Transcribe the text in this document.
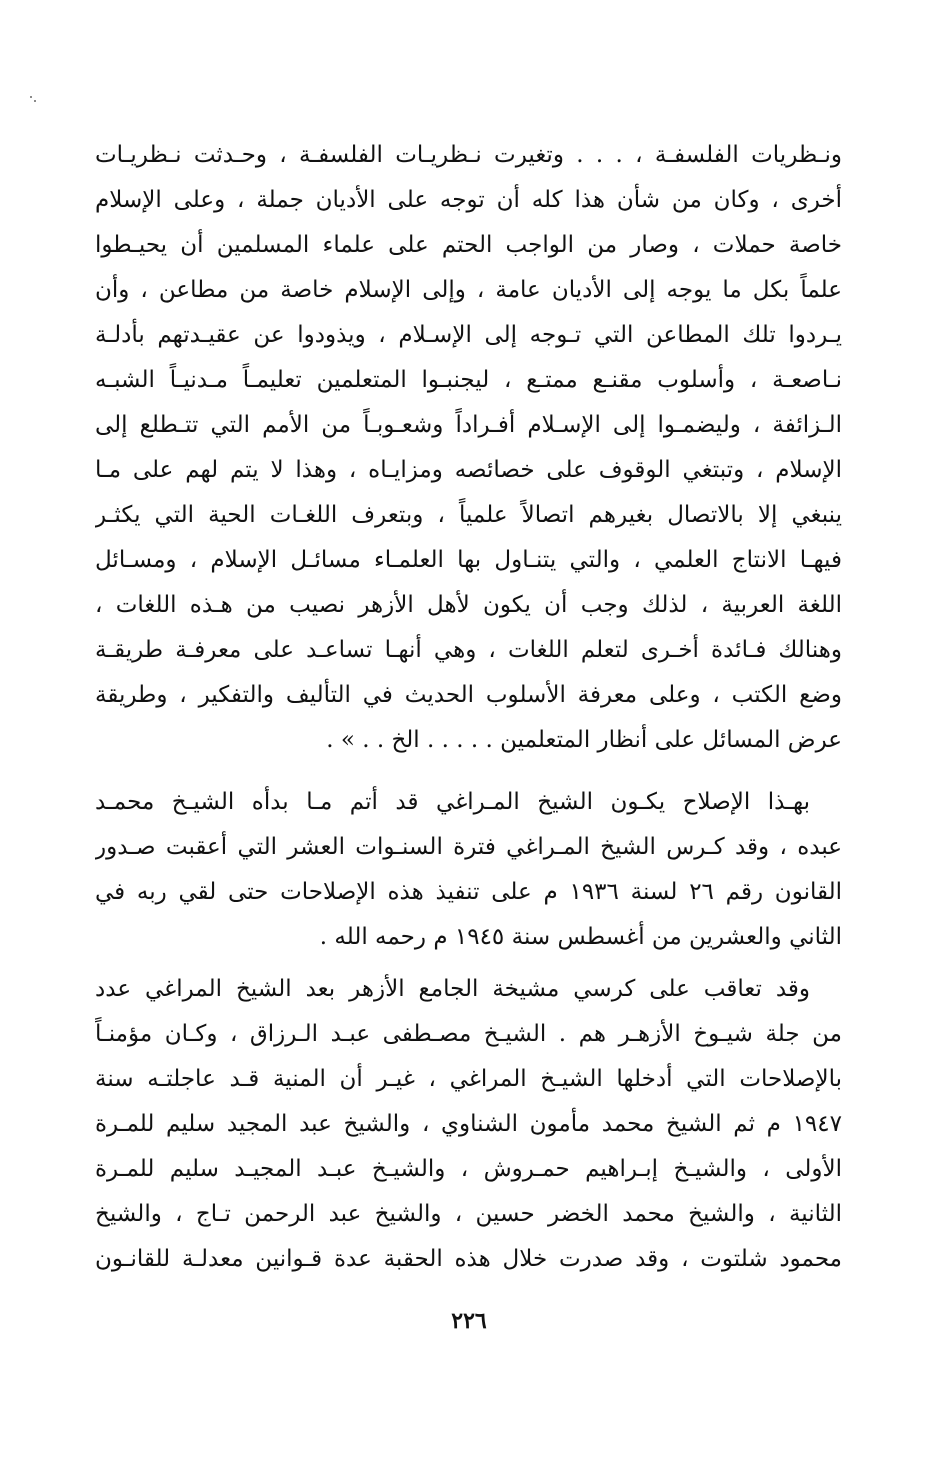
ونـظريات الفلسفـة ، . . . وتغيرت نـظريـات الفلسفـة ، وحـدثت نـظريـات
أخرى ، وكان من شأن هذا كله أن توجه على الأديان جملة ، وعلى الإسلام
خاصة حملات ، وصار من الواجب الحتم على علماء المسلمين أن يحيـطوا
علماً بكل ما يوجه إلى الأديان عامة ، وإلى الإسلام خاصة من مطاعن ، وأن
يـردوا تلك المطاعن التي تـوجه إلى الإسـلام ، ويذودوا عن عقيـدتهم بأدلـة
نـاصعـة ، وأسلوب مقنـع ممتـع ، ليجنبـوا المتعلمين تعليمـاً مـدنيـاً الشبـه
الـزائفة ، وليضمـوا إلى الإسـلام أفـراداً وشعـوبـاً من الأمم التي تتـطلع إلى
الإسلام ، وتبتغي الوقوف على خصائصه ومزايـاه ، وهذا لا يتم لهم على مـا
ينبغي إلا بالاتصال بغيرهم اتصالاً علمياً ، وبتعرف اللغـات الحية التي يكثـر
فيهـا الانتاج العلمي ، والتي يتنـاول بها العلمـاء مسائـل الإسلام ، ومسـائل
اللغة العربية ، لذلك وجب أن يكون لأهل الأزهر نصيب من هـذه اللغات ،
وهنالك فـائدة أخـرى لتعلم اللغات ، وهي أنهـا تساعـد على معرفـة طريقـة
وضع الكتب ، وعلى معرفة الأسلوب الحديث في التأليف والتفكير ، وطريقة
عرض المسائل على أنظار المتعلمين . . . . . الخ . . » .
بهـذا الإصلاح يكـون الشيخ المـراغي قد أتم مـا بدأه الشيـخ محمـد
عبده ، وقد كـرس الشيخ المـراغي فترة السنـوات العشر التي أعقبت صـدور
القانون رقم ٢٦ لسنة ١٩٣٦ م على تنفيذ هذه الإصلاحات حتى لقي ربه في
الثاني والعشرين من أغسطس سنة ١٩٤٥ م رحمه الله .
وقد تعاقب على كرسي مشيخة الجامع الأزهر بعد الشيخ المراغي عدد
من جلة شيـوخ الأزهـر هم . الشيـخ مصـطفى عبـد الـرزاق ، وكـان مؤمنـاً
بالإصلاحات التي أدخلها الشيـخ المراغي ، غيـر أن المنية قـد عاجلتـه سنة
١٩٤٧ م ثم الشيخ محمد مأمون الشناوي ، والشيخ عبد المجيد سليم للمـرة
الأولى ، والشيـخ إبـراهيم حمـروش ، والشيـخ عبـد المجيـد سليم للمـرة
الثانية ، والشيخ محمد الخضر حسين ، والشيخ عبد الرحمن تـاج ، والشيخ
محمود شلتوت ، وقد صدرت خلال هذه الحقبة عدة قـوانين معدلـة للقانـون
٢٢٦
